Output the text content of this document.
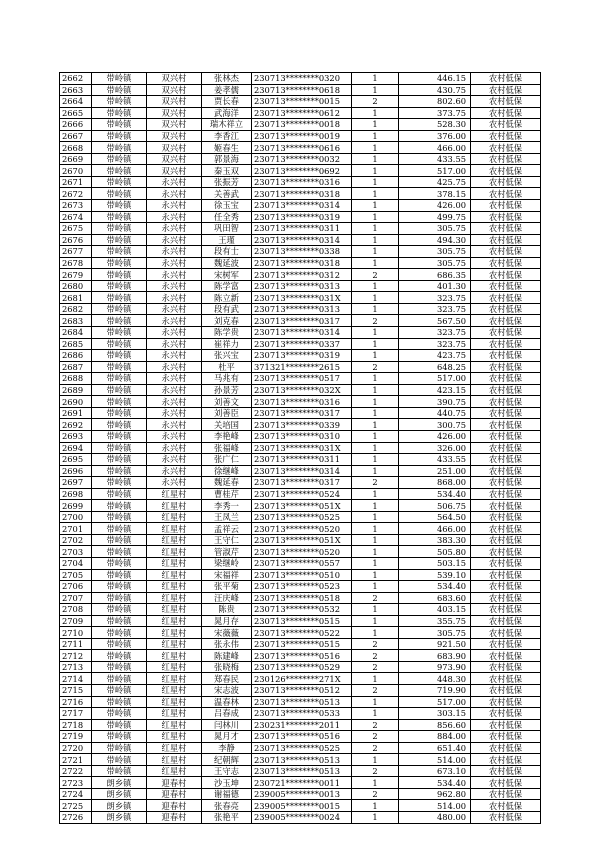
2662	带岭镇	双兴村	张林杰	230713********0320	1	446.15	农村低保
2663	带岭镇	双兴村	姜孝儒	230713********0618	1	430.75	农村低保
2664	带岭镇	双兴村	贾长春	230713********0015	2	802.60	农村低保
2665	带岭镇	双兴村	武海洋	230713********0612	1	373.75	农村低保
2666	带岭镇	双兴村	瑞木祥立	230713********0018	1	528.30	农村低保
2667	带岭镇	双兴村	李香江	230713********0019	1	376.00	农村低保
2668	带岭镇	双兴村	姬春生	230713********0616	1	466.00	农村低保
2669	带岭镇	双兴村	郭景海	230713********0032	1	433.55	农村低保
2670	带岭镇	双兴村	秦玉双	230713********0692	1	517.00	农村低保
2671	带岭镇	永兴村	张振芳	230713********0316	1	425.75	农村低保
2672	带岭镇	永兴村	关善武	230713********0318	1	378.15	农村低保
2673	带岭镇	永兴村	徐玉宝	230713********0314	1	426.00	农村低保
2674	带岭镇	永兴村	任全秀	230713********0319	1	499.75	农村低保
2675	带岭镇	永兴村	巩田智	230713********0311	1	305.75	农村低保
2676	带岭镇	永兴村	王瑾	230713********0314	1	494.30	农村低保
2677	带岭镇	永兴村	段有士	230713********0338	1	305.75	农村低保
2678	带岭镇	永兴村	魏延波	230713********0318	1	305.75	农村低保
2679	带岭镇	永兴村	宋树军	230713********0312	2	686.35	农村低保
2680	带岭镇	永兴村	陈学富	230713********0313	1	401.30	农村低保
2681	带岭镇	永兴村	陈立新	230713********031X	1	323.75	农村低保
2682	带岭镇	永兴村	段有武	230713********0313	1	323.75	农村低保
2683	带岭镇	永兴村	刘克春	230713********0317	2	567.50	农村低保
2684	带岭镇	永兴村	陈学贵	230713********0314	1	323.75	农村低保
2685	带岭镇	永兴村	崔祥力	230713********0337	1	323.75	农村低保
2686	带岭镇	永兴村	张兴宝	230713********0319	1	423.75	农村低保
2687	带岭镇	永兴村	杜平	371321********2615	2	648.25	农村低保
2688	带岭镇	永兴村	马兆有	230713********0517	1	517.00	农村低保
2689	带岭镇	永兴村	孙景芳	230713********032X	1	423.15	农村低保
2690	带岭镇	永兴村	刘善文	230713********0316	1	390.75	农村低保
2691	带岭镇	永兴村	刘善臣	230713********0317	1	440.75	农村低保
2692	带岭镇	永兴村	关培国	230713********0339	1	300.75	农村低保
2693	带岭镇	永兴村	李艳峰	230713********0310	1	426.00	农村低保
2694	带岭镇	永兴村	张福峰	230713********031X	1	326.00	农村低保
2695	带岭镇	永兴村	张广仁	230713********0311	1	433.55	农村低保
2696	带岭镇	永兴村	徐继峰	230713********0314	1	251.00	农村低保
2697	带岭镇	永兴村	魏延春	230713********0317	2	868.00	农村低保
2698	带岭镇	红星村	曹桂芹	230713********0524	1	534.40	农村低保
2699	带岭镇	红星村	李秀一	230713********051X	1	506.75	农村低保
2700	带岭镇	红星村	王凤兰	230713********0525	1	564.50	农村低保
2701	带岭镇	红星村	孟祥云	230713********0520	1	466.00	农村低保
2702	带岭镇	红星村	王守仁	230713********051X	1	383.30	农村低保
2703	带岭镇	红星村	管淑芹	230713********0520	1	505.80	农村低保
2704	带岭镇	红星村	梁继岭	230713********0557	1	503.15	农村低保
2705	带岭镇	红星村	宋福祥	230713********0510	1	539.10	农村低保
2706	带岭镇	红星村	张平菊	230713********0523	1	534.40	农村低保
2707	带岭镇	红星村	汪庆峰	230713********0518	2	683.60	农村低保
2708	带岭镇	红星村	陈贵	230713********0532	1	403.15	农村低保
2709	带岭镇	红星村	晁月存	230713********0515	1	355.75	农村低保
2710	带岭镇	红星村	宋薇薇	230713********0522	1	305.75	农村低保
2711	带岭镇	红星村	张永伟	230713********0515	2	921.50	农村低保
2712	带岭镇	红星村	陈建峰	230713********0516	2	683.90	农村低保
2713	带岭镇	红星村	张晓梅	230713********0529	2	973.90	农村低保
2714	带岭镇	红星村	郑春民	230126********271X	1	448.30	农村低保
2715	带岭镇	红星村	宋志波	230713********0512	2	719.90	农村低保
2716	带岭镇	红星村	温春林	230713********0513	1	517.00	农村低保
2717	带岭镇	红星村	吕春成	230713********0533	1	303.15	农村低保
2718	带岭镇	红星村	闫林川	230231********2011	2	856.60	农村低保
2719	带岭镇	红星村	晁月才	230713********0516	2	884.00	农村低保
2720	带岭镇	红星村	李静	230713********0525	2	651.40	农村低保
2721	带岭镇	红星村	纪朝辉	230713********0513	1	514.00	农村低保
2722	带岭镇	红星村	王守志	230713********0513	2	673.10	农村低保
2723	朗乡镇	迎春村	沙玉坤	230721********0011	1	534.40	农村低保
2724	朗乡镇	迎春村	谢福德	239005********0013	2	962.80	农村低保
2725	朗乡镇	迎春村	张春亮	239005********0015	1	514.00	农村低保
2726	朗乡镇	迎春村	张艳平	239005********0024	1	480.00	农村低保
